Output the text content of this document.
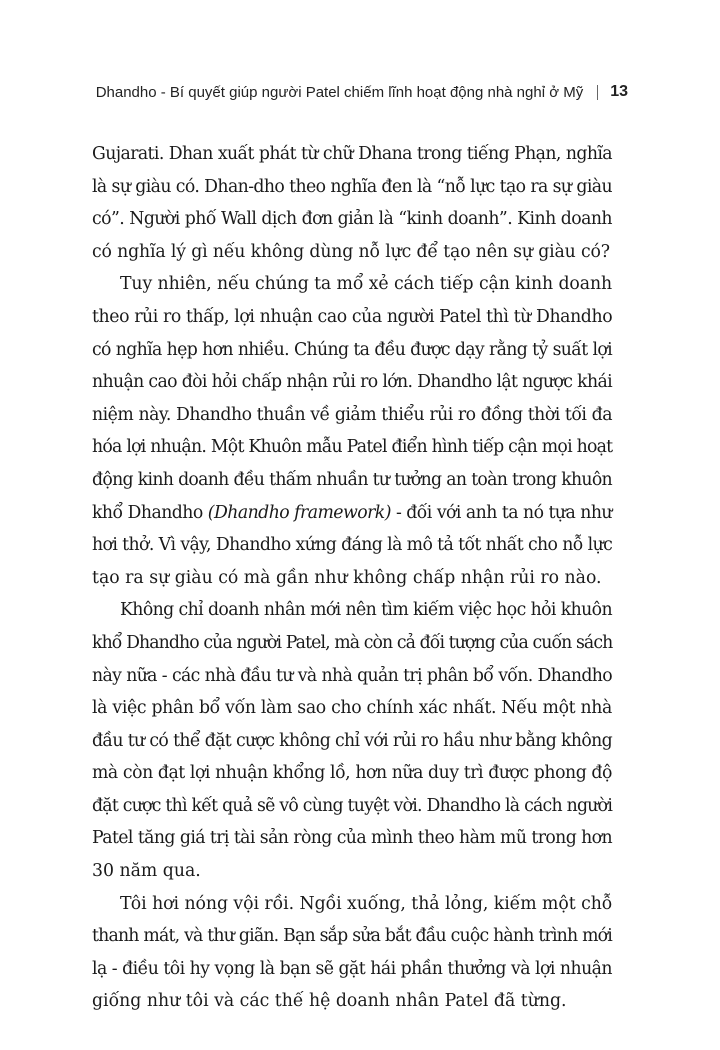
Dhandho - Bí quyết giúp người Patel chiếm lĩnh hoạt động nhà nghỉ ở Mỹ 13
Gujarati. Dhan xuất phát từ chữ Dhana trong tiếng Phạn, nghĩa
là sự giàu có. Dhan-dho theo nghĩa đen là “nỗ lực tạo ra sự giàu
có”. Người phố Wall dịch đơn giản là “kinh doanh”. Kinh doanh
có nghĩa lý gì nếu không dùng nỗ lực để tạo nên sự giàu có?
Tuy nhiên, nếu chúng ta mổ xẻ cách tiếp cận kinh doanh
theo rủi ro thấp, lợi nhuận cao của người Patel thì từ Dhandho
có nghĩa hẹp hơn nhiều. Chúng ta đều được dạy rằng tỷ suất lợi
nhuận cao đòi hỏi chấp nhận rủi ro lớn. Dhandho lật ngược khái
niệm này. Dhandho thuần về giảm thiểu rủi ro đồng thời tối đa
hóa lợi nhuận. Một Khuôn mẫu Patel điển hình tiếp cận mọi hoạt
động kinh doanh đều thấm nhuần tư tưởng an toàn trong khuôn
khổ Dhandho (Dhandho framework) - đối với anh ta nó tựa như
hơi thở. Vì vậy, Dhandho xứng đáng là mô tả tốt nhất cho nỗ lực
tạo ra sự giàu có mà gần như không chấp nhận rủi ro nào.
Không chỉ doanh nhân mới nên tìm kiếm việc học hỏi khuôn
khổ Dhandho của người Patel, mà còn cả đối tượng của cuốn sách
này nữa - các nhà đầu tư và nhà quản trị phân bổ vốn. Dhandho
là việc phân bổ vốn làm sao cho chính xác nhất. Nếu một nhà
đầu tư có thể đặt cược không chỉ với rủi ro hầu như bằng không
mà còn đạt lợi nhuận khổng lồ, hơn nữa duy trì được phong độ
đặt cược thì kết quả sẽ vô cùng tuyệt vời. Dhandho là cách người
Patel tăng giá trị tài sản ròng của mình theo hàm mũ trong hơn
30 năm qua.
Tôi hơi nóng vội rồi. Ngồi xuống, thả lỏng, kiếm một chỗ
thanh mát, và thư giãn. Bạn sắp sửa bắt đầu cuộc hành trình mới
lạ - điều tôi hy vọng là bạn sẽ gặt hái phần thưởng và lợi nhuận
giống như tôi và các thế hệ doanh nhân Patel đã từng.
